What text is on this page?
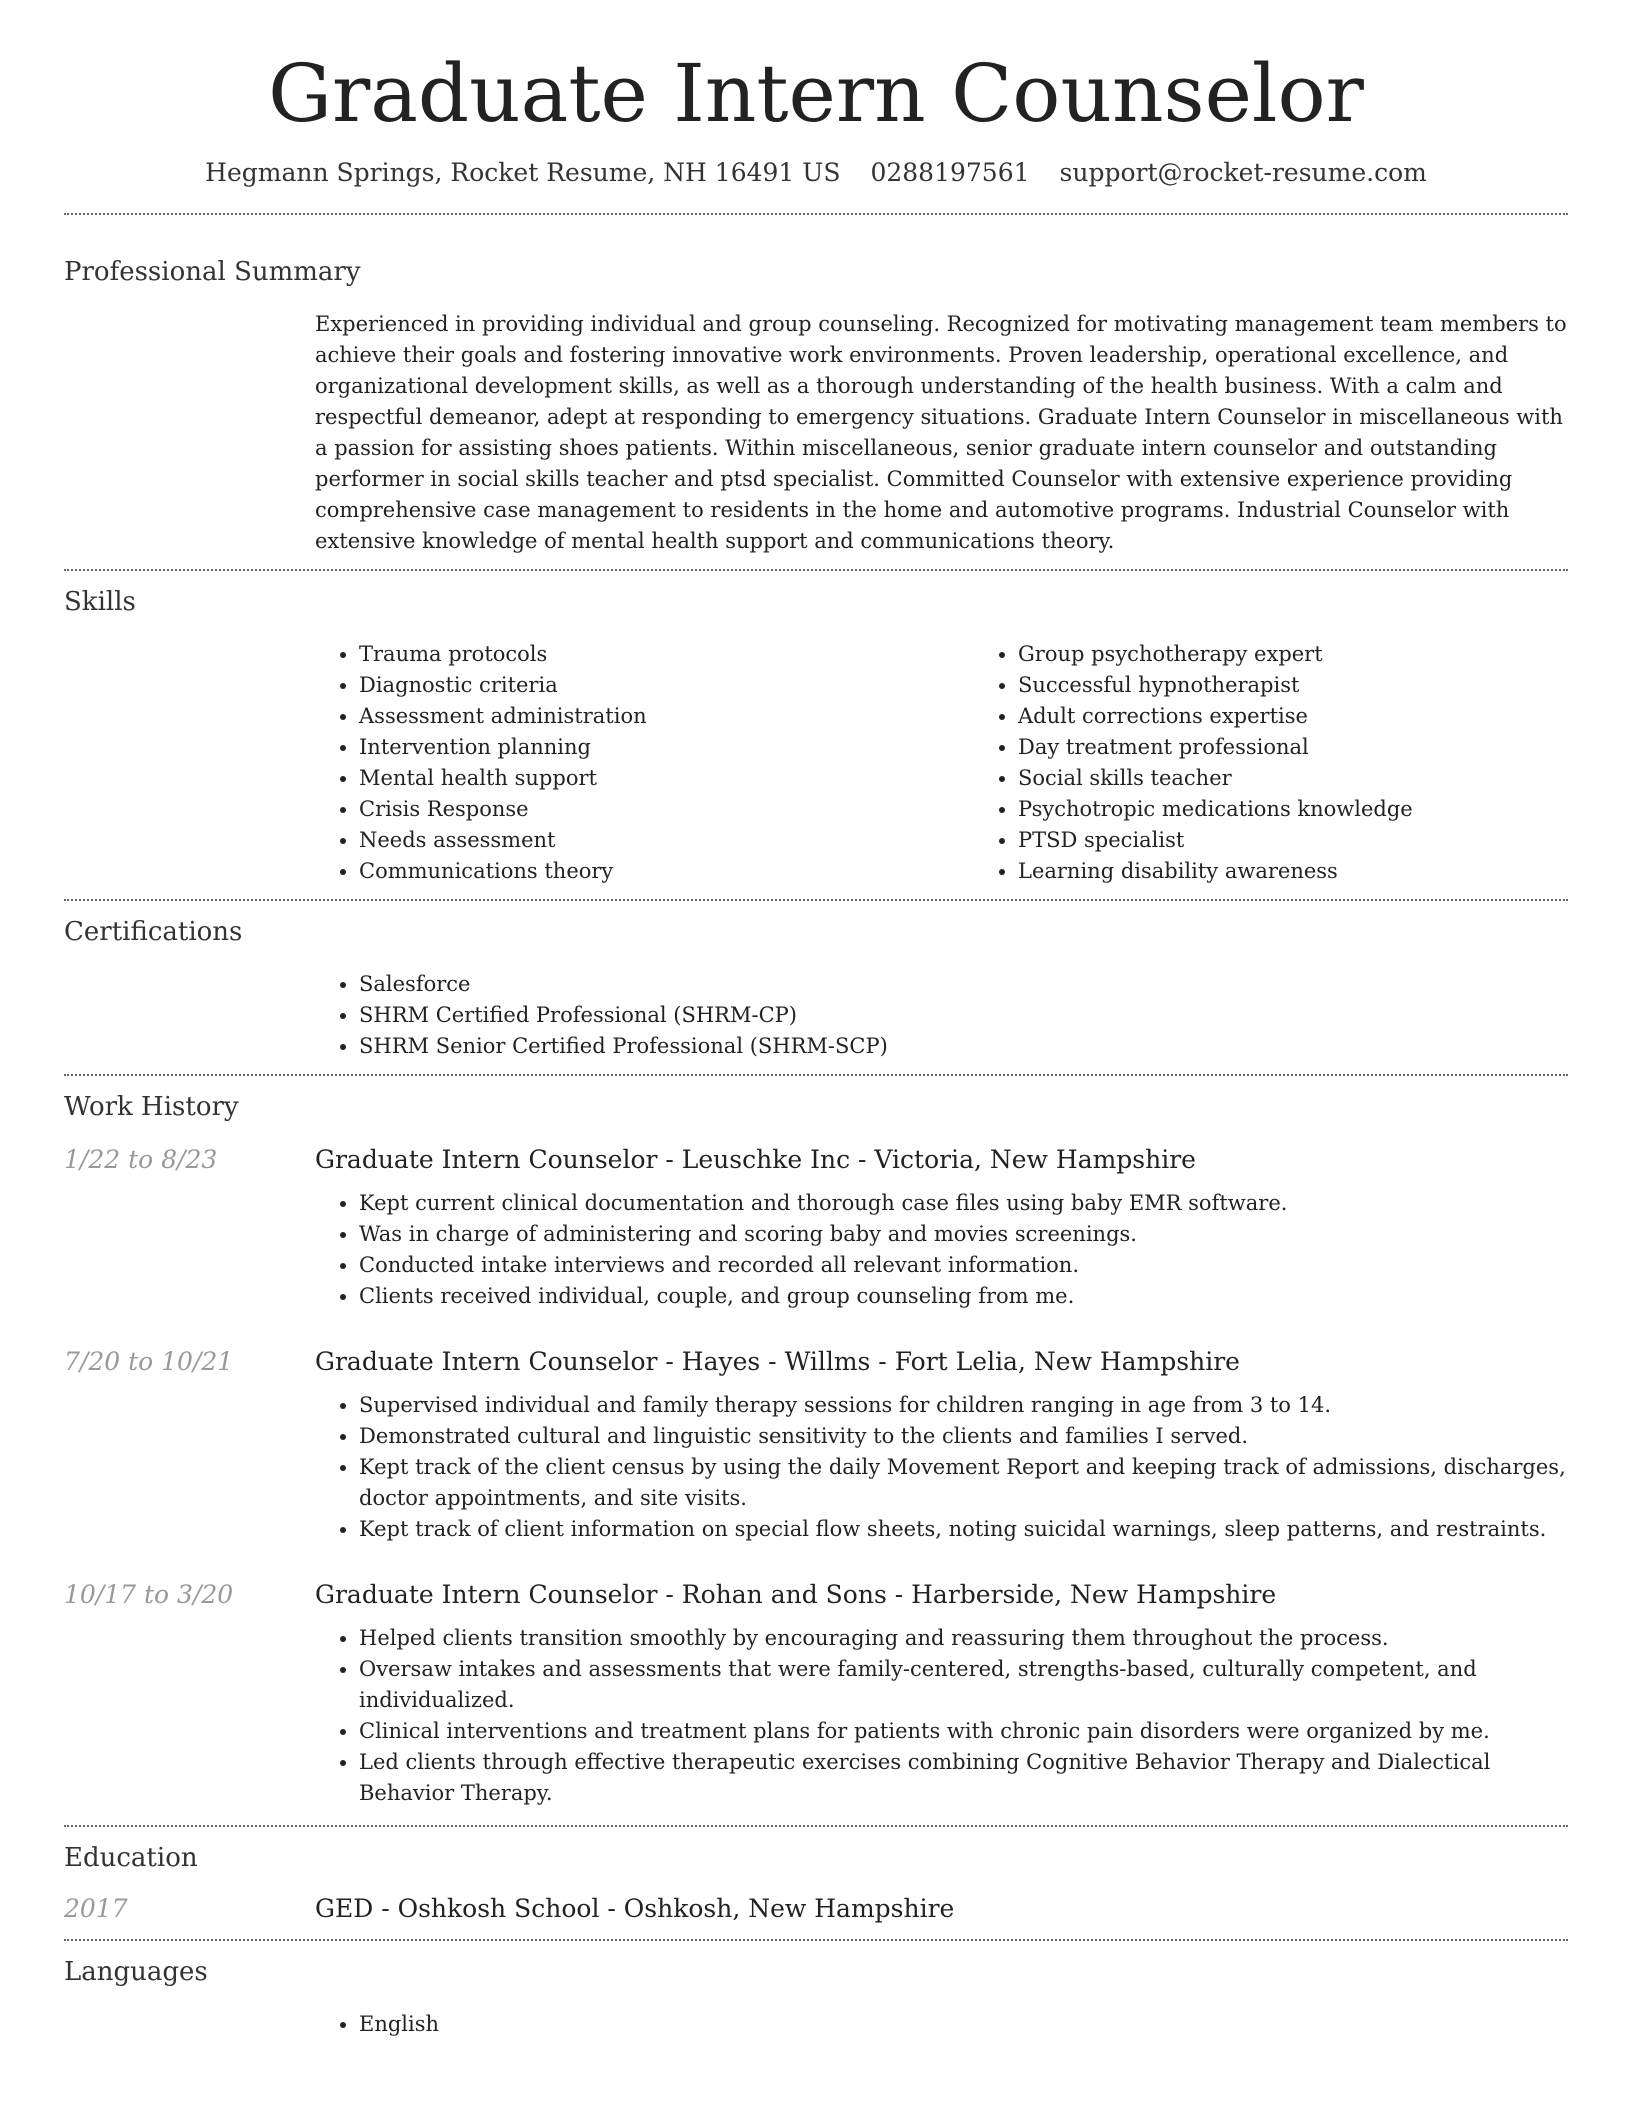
Graduate Intern Counselor
Hegmann Springs, Rocket Resume, NH 16491 US 0288197561 support@rocket-resume.com
Professional Summary
Experienced in providing individual and group counseling. Recognized for motivating management team members to achieve their goals and fostering innovative work environments. Proven leadership, operational excellence, and organizational development skills, as well as a thorough understanding of the health business. With a calm and respectful demeanor, adept at responding to emergency situations. Graduate Intern Counselor in miscellaneous with a passion for assisting shoes patients. Within miscellaneous, senior graduate intern counselor and outstanding performer in social skills teacher and ptsd specialist. Committed Counselor with extensive experience providing comprehensive case management to residents in the home and automotive programs. Industrial Counselor with extensive knowledge of mental health support and communications theory.
Skills
• Trauma protocols
• Diagnostic criteria
• Assessment administration
• Intervention planning
• Mental health support
• Crisis Response
• Needs assessment
• Communications theory
• Group psychotherapy expert
• Successful hypnotherapist
• Adult corrections expertise
• Day treatment professional
• Social skills teacher
• Psychotropic medications knowledge
• PTSD specialist
• Learning disability awareness
Certifications
• Salesforce
• SHRM Certified Professional (SHRM-CP)
• SHRM Senior Certified Professional (SHRM-SCP)
Work History
1/22 to 8/23	Graduate Intern Counselor - Leuschke Inc - Victoria, New Hampshire
• Kept current clinical documentation and thorough case files using baby EMR software.
• Was in charge of administering and scoring baby and movies screenings.
• Conducted intake interviews and recorded all relevant information.
• Clients received individual, couple, and group counseling from me.
7/20 to 10/21	Graduate Intern Counselor - Hayes - Willms - Fort Lelia, New Hampshire
• Supervised individual and family therapy sessions for children ranging in age from 3 to 14.
• Demonstrated cultural and linguistic sensitivity to the clients and families I served.
• Kept track of the client census by using the daily Movement Report and keeping track of admissions, discharges, doctor appointments, and site visits.
• Kept track of client information on special flow sheets, noting suicidal warnings, sleep patterns, and restraints.
10/17 to 3/20	Graduate Intern Counselor - Rohan and Sons - Harberside, New Hampshire
• Helped clients transition smoothly by encouraging and reassuring them throughout the process.
• Oversaw intakes and assessments that were family-centered, strengths-based, culturally competent, and individualized.
• Clinical interventions and treatment plans for patients with chronic pain disorders were organized by me.
• Led clients through effective therapeutic exercises combining Cognitive Behavior Therapy and Dialectical Behavior Therapy.
Education
2017	GED - Oshkosh School - Oshkosh, New Hampshire
Languages
• English
